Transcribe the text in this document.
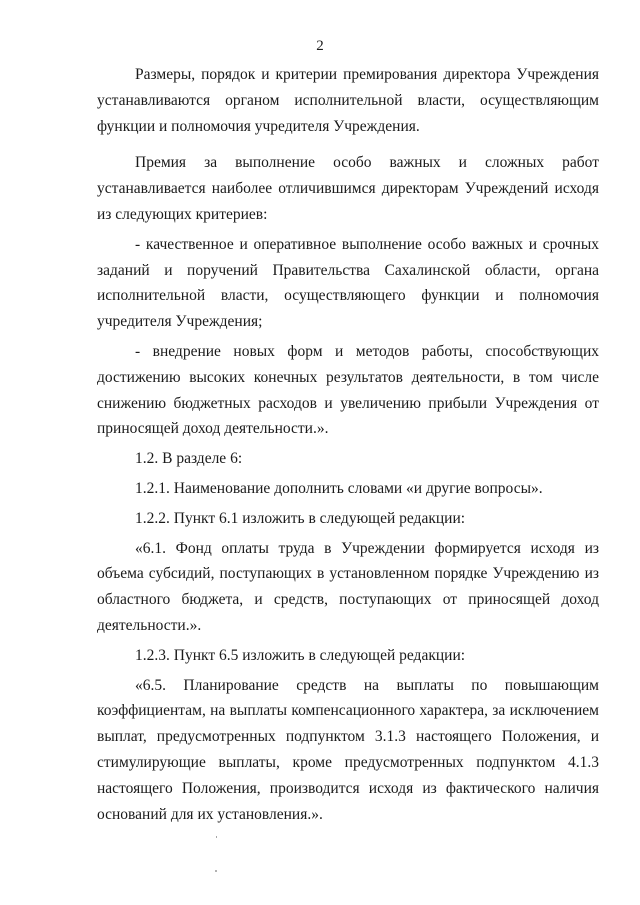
2

Размеры, порядок и критерии премирования директора Учреждения устанавливаются органом исполнительной власти, осуществляющим функции и полномочия учредителя Учреждения.

Премия за выполнение особо важных и сложных работ устанавливается наиболее отличившимся директорам Учреждений исходя из следующих критериев:

- качественное и оперативное выполнение особо важных и срочных заданий и поручений Правительства Сахалинской области, органа исполнительной власти, осуществляющего функции и полномочия учредителя Учреждения;

- внедрение новых форм и методов работы, способствующих достижению высоких конечных результатов деятельности, в том числе снижению бюджетных расходов и увеличению прибыли Учреждения от приносящей доход деятельности.».

1.2. В разделе 6:

1.2.1. Наименование дополнить словами «и другие вопросы».

1.2.2. Пункт 6.1 изложить в следующей редакции:

«6.1. Фонд оплаты труда в Учреждении формируется исходя из объема субсидий, поступающих в установленном порядке Учреждению из областного бюджета, и средств, поступающих от приносящей доход деятельности.».

1.2.3. Пункт 6.5 изложить в следующей редакции:

«6.5. Планирование средств на выплаты по повышающим коэффициентам, на выплаты компенсационного характера, за исключением выплат, предусмотренных подпунктом 3.1.3 настоящего Положения, и стимулирующие выплаты, кроме предусмотренных подпунктом 4.1.3 настоящего Положения, производится исходя из фактического наличия оснований для их установления.».
